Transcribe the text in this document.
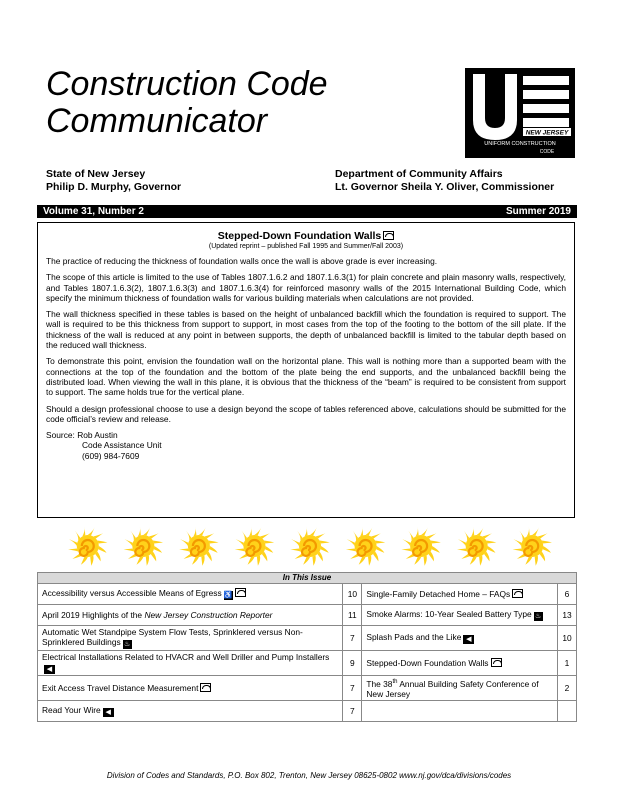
Construction Code
Communicator	NEW JERSEY
UNIFORM CONSTRUCTION
CODE
State of New Jersey
Philip D. Murphy, Governor
Department of Community Affairs
Lt. Governor Sheila Y. Oliver, Commissioner
Volume 31, Number 2	Summer 2019
Stepped-Down Foundation Walls
(Updated reprint – published Fall 1995 and Summer/Fall 2003)

The practice of reducing the thickness of foundation walls once the wall is above grade is ever increasing.

The scope of this article is limited to the use of Tables 1807.1.6.2 and 1807.1.6.3(1) for plain concrete and plain masonry walls, respectively, and Tables 1807.1.6.3(2), 1807.1.6.3(3) and 1807.1.6.3(4) for reinforced masonry walls of the 2015 International Building Code, which specify the minimum thickness of foundation walls for various building materials when calculations are not provided.

The wall thickness specified in these tables is based on the height of unbalanced backfill which the foundation is required to support. The wall is required to be this thickness from support to support, in most cases from the top of the footing to the bottom of the sill plate. If the thickness of the wall is reduced at any point in between supports, the depth of unbalanced backfill is limited to the tabular depth based on the reduced wall thickness.

To demonstrate this point, envision the foundation wall on the horizontal plane. This wall is nothing more than a supported beam with the connections at the top of the foundation and the bottom of the plate being the end supports, and the unbalanced backfill being the distributed load. When viewing the wall in this plane, it is obvious that the thickness of the “beam” is required to be consistent from support to support. The same holds true for the vertical plane.

Should a design professional choose to use a design beyond the scope of tables referenced above, calculations should be submitted for the code official’s review and release.

Source: Rob Austin
Code Assistance Unit
(609) 984-7609
In This Issue			
Accessibility versus Accessible Means of Egress ♿	10	Single-Family Detached Home – FAQs	6
April 2019 Highlights of the New Jersey Construction Reporter	11	Smoke Alarms: 10-Year Sealed Battery Type ♨	13
Automatic Wet Standpipe System Flow Tests, Sprinklered versus Non-Sprinklered Buildings ♨	7	Splash Pads and the Like ◀	10
Electrical Installations Related to HVACR and Well Driller and Pump Installers◀	9	Stepped-Down Foundation Walls	1
Exit Access Travel Distance Measurement	7	The 38th Annual Building Safety Conference of New Jersey	2
Read Your Wire ◀	7		
Division of Codes and Standards, P.O. Box 802, Trenton, New Jersey 08625-0802 www.nj.gov/dca/divisions/codes
